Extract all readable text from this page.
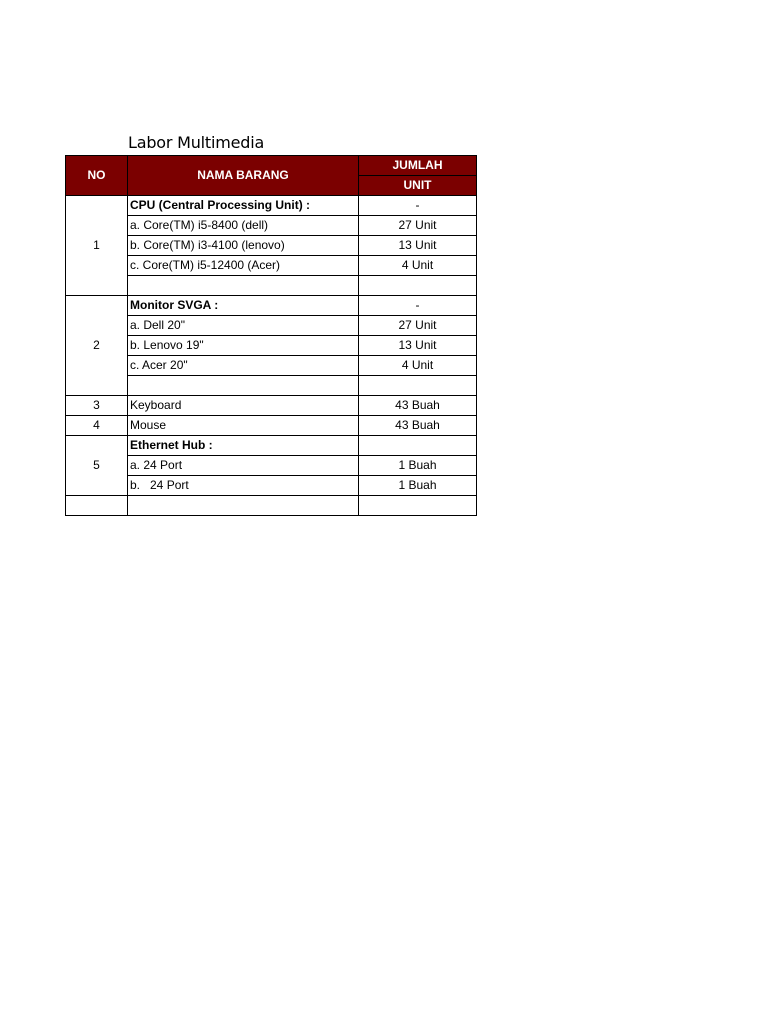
Labor Multimedia
NO	NAMA BARANG	JUMLAH
		UNIT
1	CPU (Central Processing Unit) :	-
	a. Core(TM) i5-8400 (dell)	27 Unit
	b. Core(TM) i3-4100 (lenovo)	13 Unit
	c. Core(TM) i5-12400 (Acer)	4 Unit

2	Monitor SVGA :	-
	a. Dell 20"	27 Unit
	b. Lenovo 19"	13 Unit
	c. Acer 20"	4 Unit

3	Keyboard	43 Buah
4	Mouse	43 Buah
5	Ethernet Hub :	
	a. 24 Port	1 Buah
	b.   24 Port	1 Buah
